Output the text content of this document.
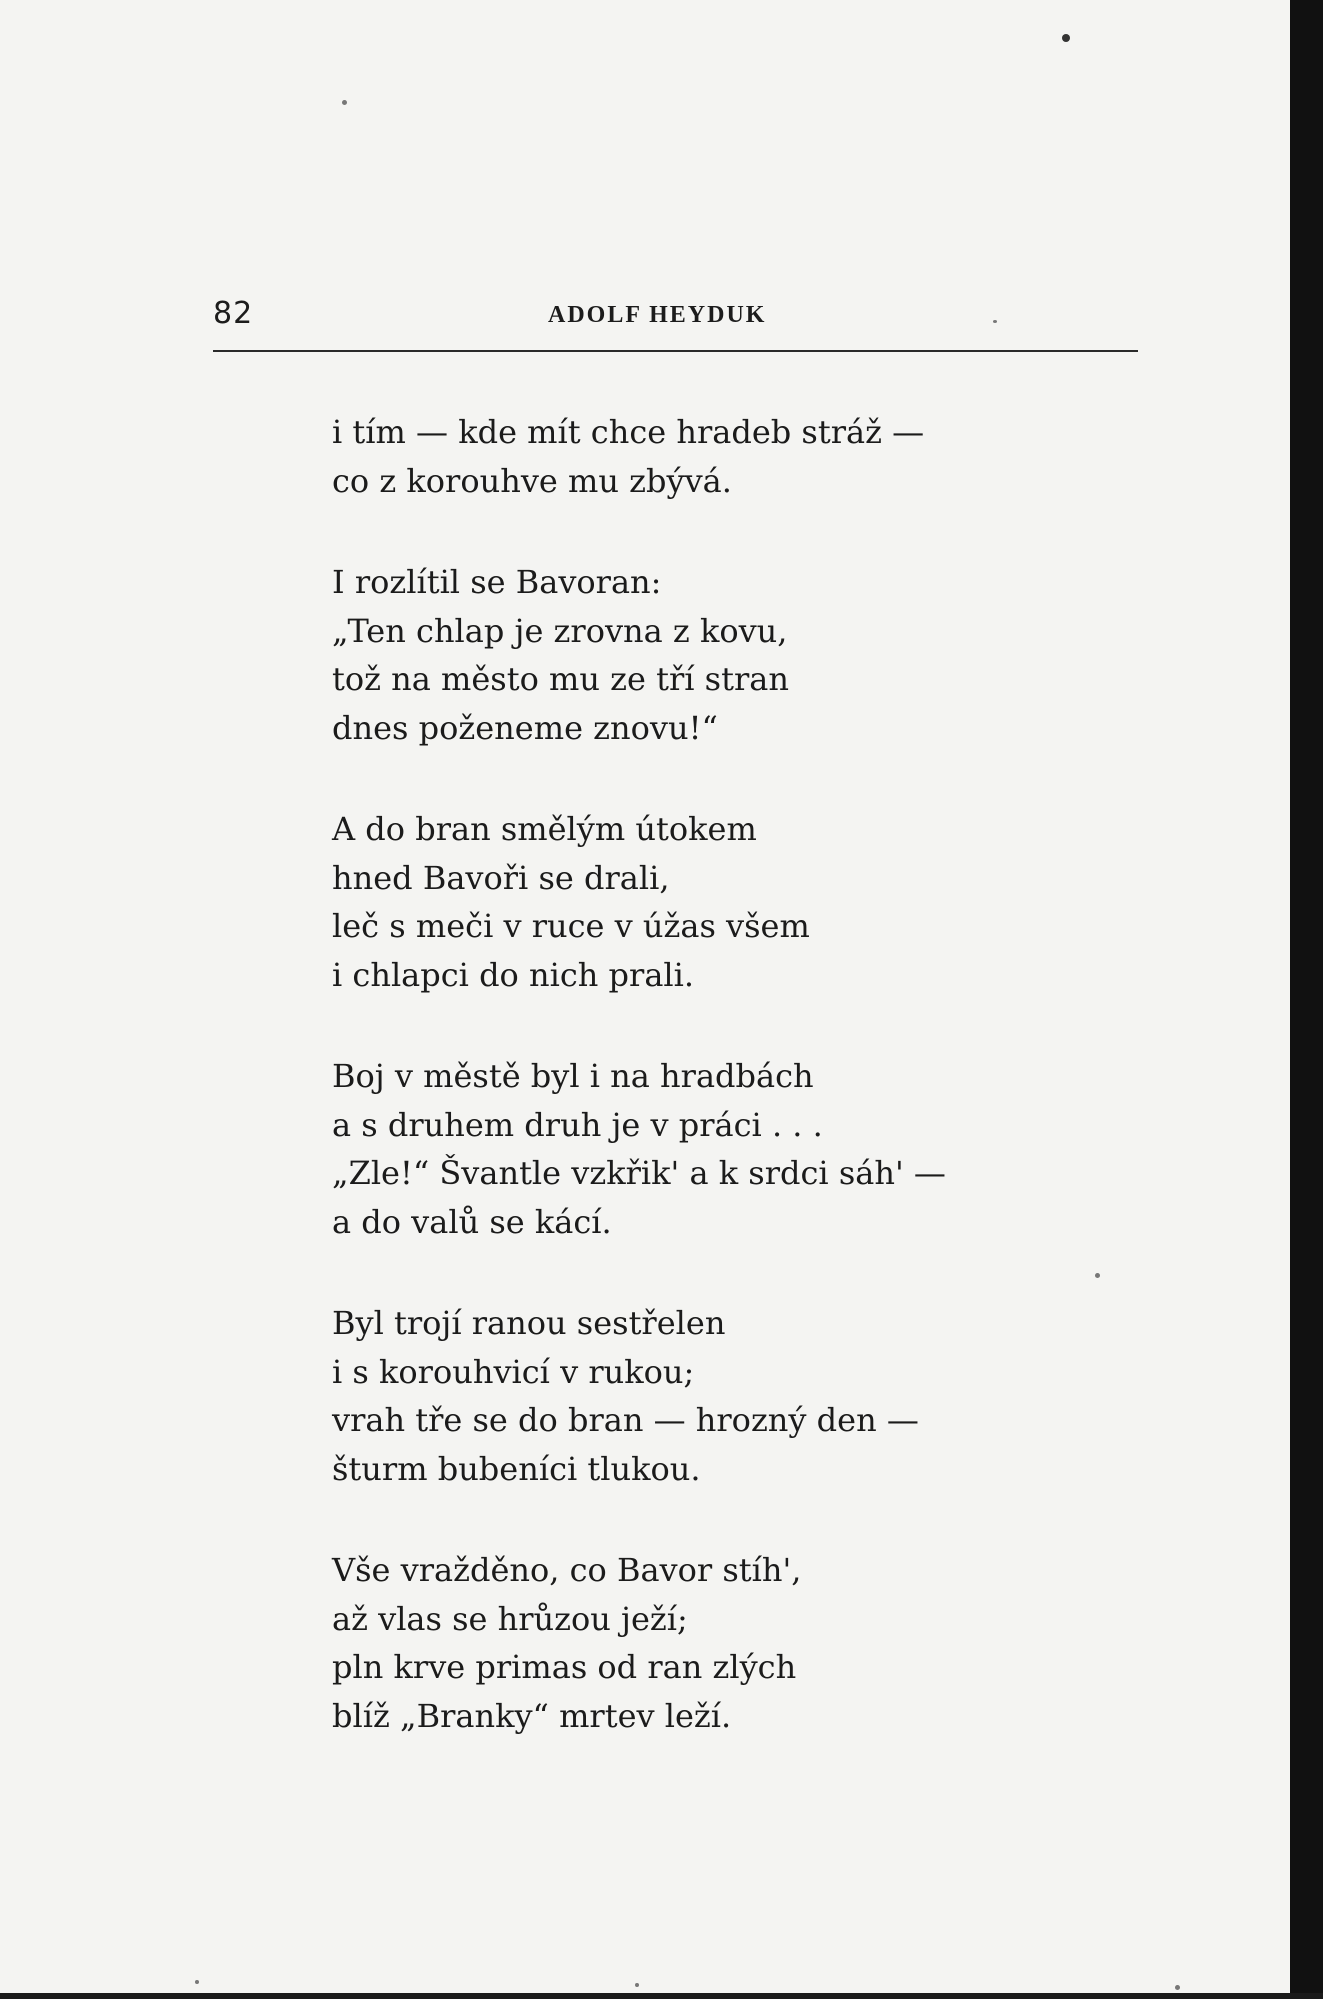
82	ADOLF HEYDUK
i tím — kde mít chce hradeb stráž —
co z korouhve mu zbývá.
I rozlítil se Bavoran:
„Ten chlap je zrovna z kovu,
tož na město mu ze tří stran
dnes poženeme znovu!“
A do bran smělým útokem
hned Bavoři se drali,
leč s meči v ruce v úžas všem
i chlapci do nich prali.
Boj v městě byl i na hradbách
a s druhem druh je v práci . . .
„Zle!“ Švantle vzkřik' a k srdci sáh' —
a do valů se kácí.
Byl trojí ranou sestřelen
i s korouhvicí v rukou;
vrah tře se do bran — hrozný den —
šturm bubeníci tlukou.
Vše vražděno, co Bavor stíh',
až vlas se hrůzou ježí;
pln krve primas od ran zlých
blíž „Branky“ mrtev leží.
